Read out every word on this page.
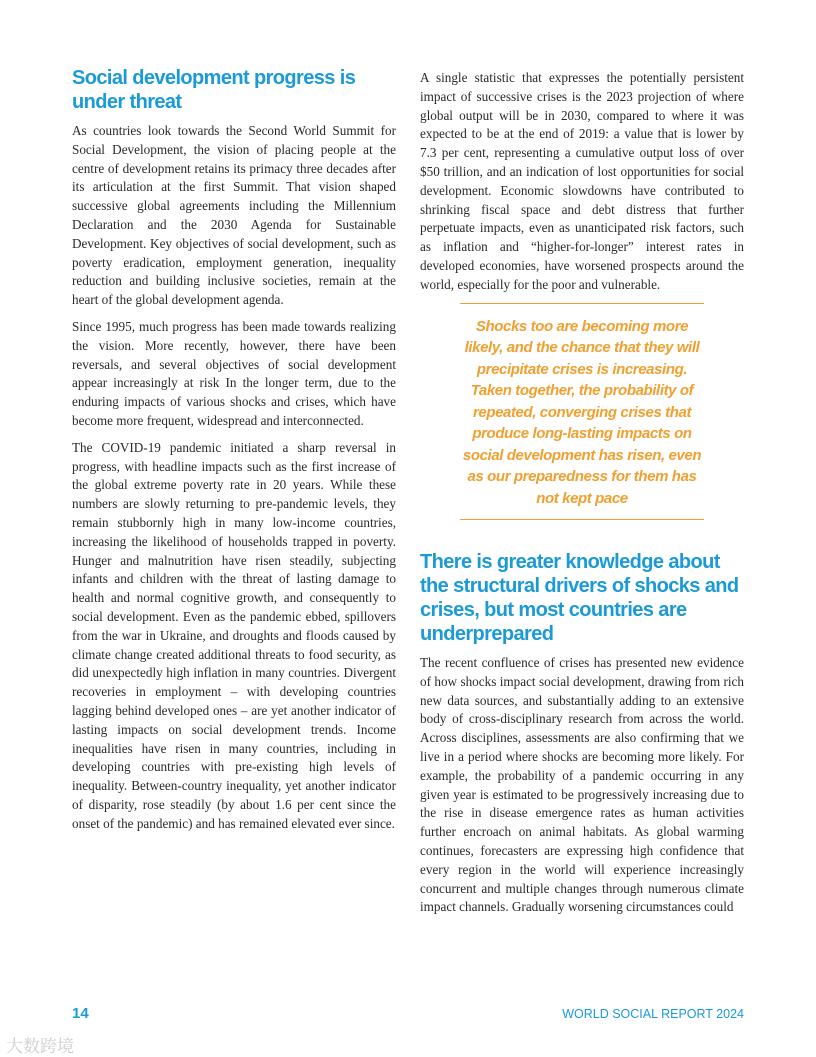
Social development progress is under threat

As countries look towards the Second World Summit for Social Development, the vision of placing people at the centre of development retains its primacy three decades after its articulation at the first Summit. That vision shaped successive global agreements including the Millennium Declaration and the 2030 Agenda for Sustainable Development. Key objectives of social development, such as poverty eradication, employment generation, inequality reduction and building inclusive societies, remain at the heart of the global development agenda.

Since 1995, much progress has been made towards realizing the vision. More recently, however, there have been reversals, and several objectives of social development appear increasingly at risk In the longer term, due to the enduring impacts of various shocks and crises, which have become more frequent, widespread and interconnected.

The COVID-19 pandemic initiated a sharp reversal in progress, with headline impacts such as the first increase of the global extreme poverty rate in 20 years. While these numbers are slowly returning to pre-pandemic levels, they remain stubbornly high in many low-income countries, increasing the likelihood of households trapped in poverty. Hunger and malnutrition have risen steadily, subjecting infants and children with the threat of lasting damage to health and normal cognitive growth, and consequently to social development. Even as the pandemic ebbed, spillovers from the war in Ukraine, and droughts and floods caused by climate change created additional threats to food security, as did unexpectedly high inflation in many countries. Divergent recoveries in employment – with developing countries lagging behind developed ones – are yet another indicator of lasting impacts on social development trends. Income inequalities have risen in many countries, including in developing countries with pre-existing high levels of inequality. Between-country inequality, yet another indicator of disparity, rose steadily (by about 1.6 per cent since the onset of the pandemic) and has remained elevated ever since.

A single statistic that expresses the potentially persistent impact of successive crises is the 2023 projection of where global output will be in 2030, compared to where it was expected to be at the end of 2019: a value that is lower by 7.3 per cent, representing a cumulative output loss of over $50 trillion, and an indication of lost opportunities for social development. Economic slowdowns have contributed to shrinking fiscal space and debt distress that further perpetuate impacts, even as unanticipated risk factors, such as inflation and “higher-for-longer” interest rates in developed economies, have worsened prospects around the world, especially for the poor and vulnerable.

Shocks too are becoming more likely, and the chance that they will precipitate crises is increasing. Taken together, the probability of repeated, converging crises that produce long-lasting impacts on social development has risen, even as our preparedness for them has not kept pace
There is greater knowledge about the structural drivers of shocks and crises, but most countries are underprepared

The recent confluence of crises has presented new evidence of how shocks impact social development, drawing from rich new data sources, and substantially adding to an extensive body of cross-disciplinary research from across the world. Across disciplines, assessments are also confirming that we live in a period where shocks are becoming more likely. For example, the probability of a pandemic occurring in any given year is estimated to be progressively increasing due to the rise in disease emergence rates as human activities further encroach on animal habitats. As global warming continues, forecasters are expressing high confidence that every region in the world will experience increasingly concurrent and multiple changes through numerous climate impact channels. Gradually worsening circumstances could

14	WORLD SOCIAL REPORT 2024
大数跨境
